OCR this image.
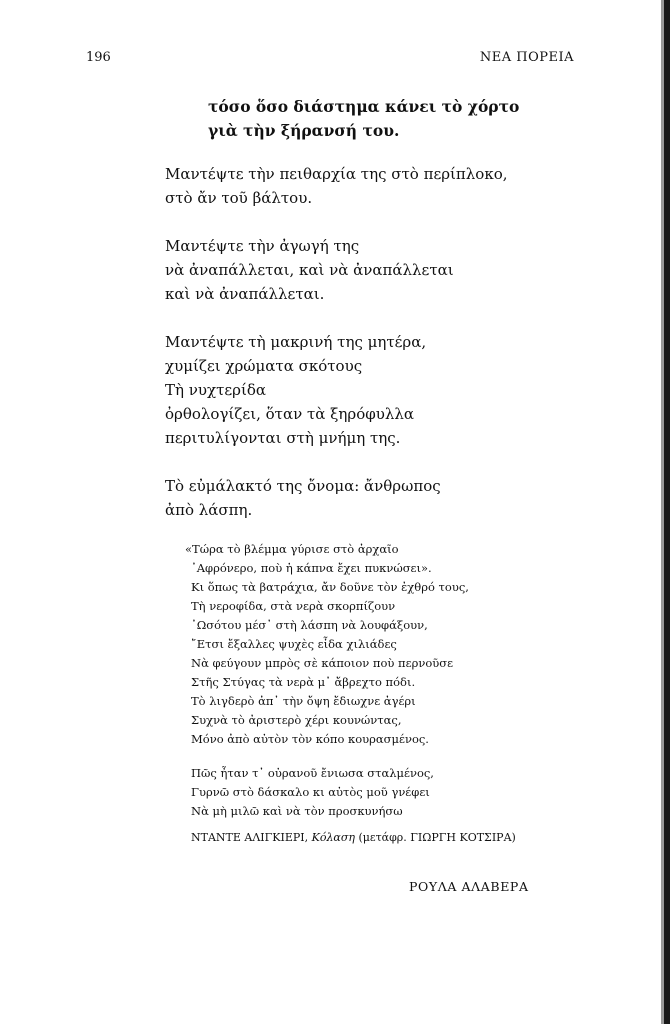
196	ΝΕΑ ΠΟΡΕΙΑ
τόσο ὅσο διάστημα κάνει τὸ χόρτο
γιὰ τὴν ξήρανσή του.
Μαντέψτε τὴν πειθαρχία της στὸ περίπλοκο,
στὸ ἄν τοῦ βάλτου.
Μαντέψτε τὴν ἀγωγή της
νὰ ἀναπάλλεται, καὶ νὰ ἀναπάλλεται
καὶ νὰ ἀναπάλλεται.
Μαντέψτε τὴ μακρινή της μητέρα,
χυμίζει χρώματα σκότους
Τὴ νυχτερίδα
ὀρθολογίζει, ὅταν τὰ ξηρόφυλλα
περιτυλίγονται στὴ μνήμη της.
Τὸ εὐμάλακτό της ὄνομα: ἄνθρωπος
ἀπὸ λάσπη.
«Τώρα τὸ βλέμμα γύρισε στὸ ἀρχαῖο
᾿Αφρόνερο, ποὺ ἡ κάπνα ἔχει πυκνώσει».
Κι ὅπως τὰ βατράχια, ἄν δοῦνε τὸν ἐχθρό τους,
Τὴ νεροφίδα, στὰ νερὰ σκορπίζουν
᾿Ωσότου μέσ᾿ στὴ λάσπη νὰ λουφάξουν,
῎Ετσι ἔξαλλες ψυχὲς εἶδα χιλιάδες
Νὰ φεύγουν μπρὸς σὲ κάποιον ποὺ περνοῦσε
Στῆς Στύγας τὰ νερὰ μ᾿ ἄβρεχτο πόδι.
Τὸ λιγδερὸ ἀπ᾿ τὴν ὄψη ἔδιωχνε ἀγέρι
Συχνὰ τὸ ἀριστερὸ χέρι κουνώντας,
Μόνο ἀπὸ αὐτὸν τὸν κόπο κουρασμένος.
Πῶς ἦταν τ᾿ οὐρανοῦ ἔνιωσα σταλμένος,
Γυρνῶ στὸ δάσκαλο κι αὐτὸς μοῦ γνέφει
Νὰ μὴ μιλῶ καὶ νὰ τὸν προσκυνήσω
ΝΤΑΝΤΕ ΑΛΙΓΚΙΕΡΙ, Κόλαση (μετάφρ. ΓΙΩΡΓΗ ΚΟΤΣΙΡΑ)
ΡΟΥΛΑ ΑΛΑΒΕΡΑ
